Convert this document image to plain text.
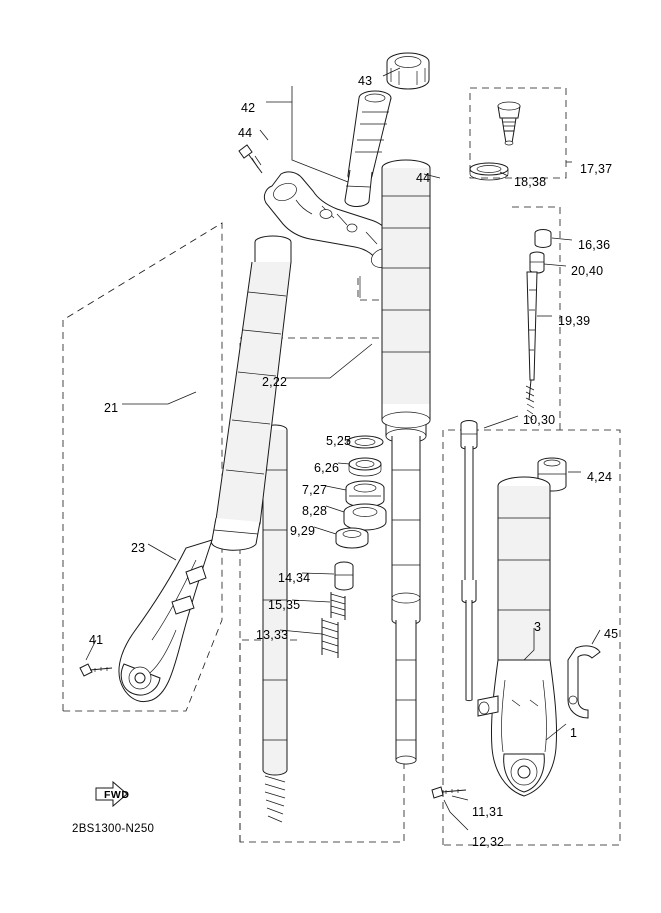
43
42
44
44
17,37
18,38
16,36
20,40
19,39
21
2,22
10,30
5,25
6,26
4,24
7,27
8,28
9,29
23
14,34
15,35
13,33
3	45
41
1
11,31
12,32
FWD
2BS1300-N250
